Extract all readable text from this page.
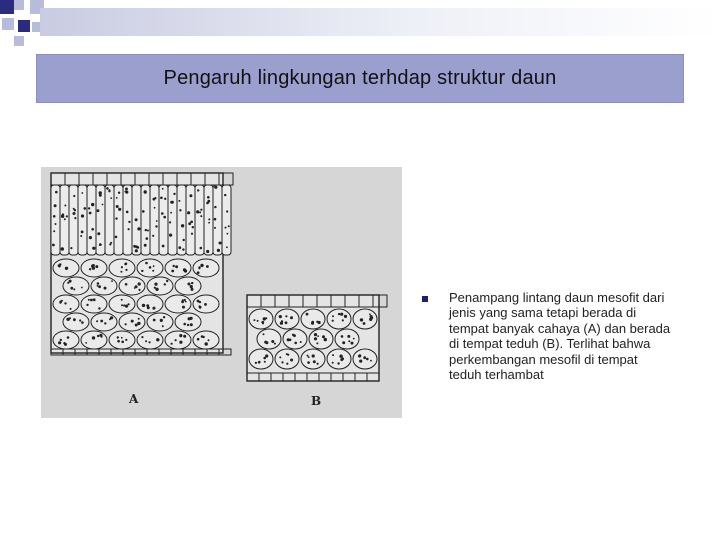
Pengaruh lingkungan terhdap struktur daun
A	B
Penampang lintang daun mesofit dari jenis yang sama tetapi berada di tempat banyak cahaya (A) dan berada di tempat teduh (B). Terlihat bahwa perkembangan mesofil di tempat teduh terhambat
